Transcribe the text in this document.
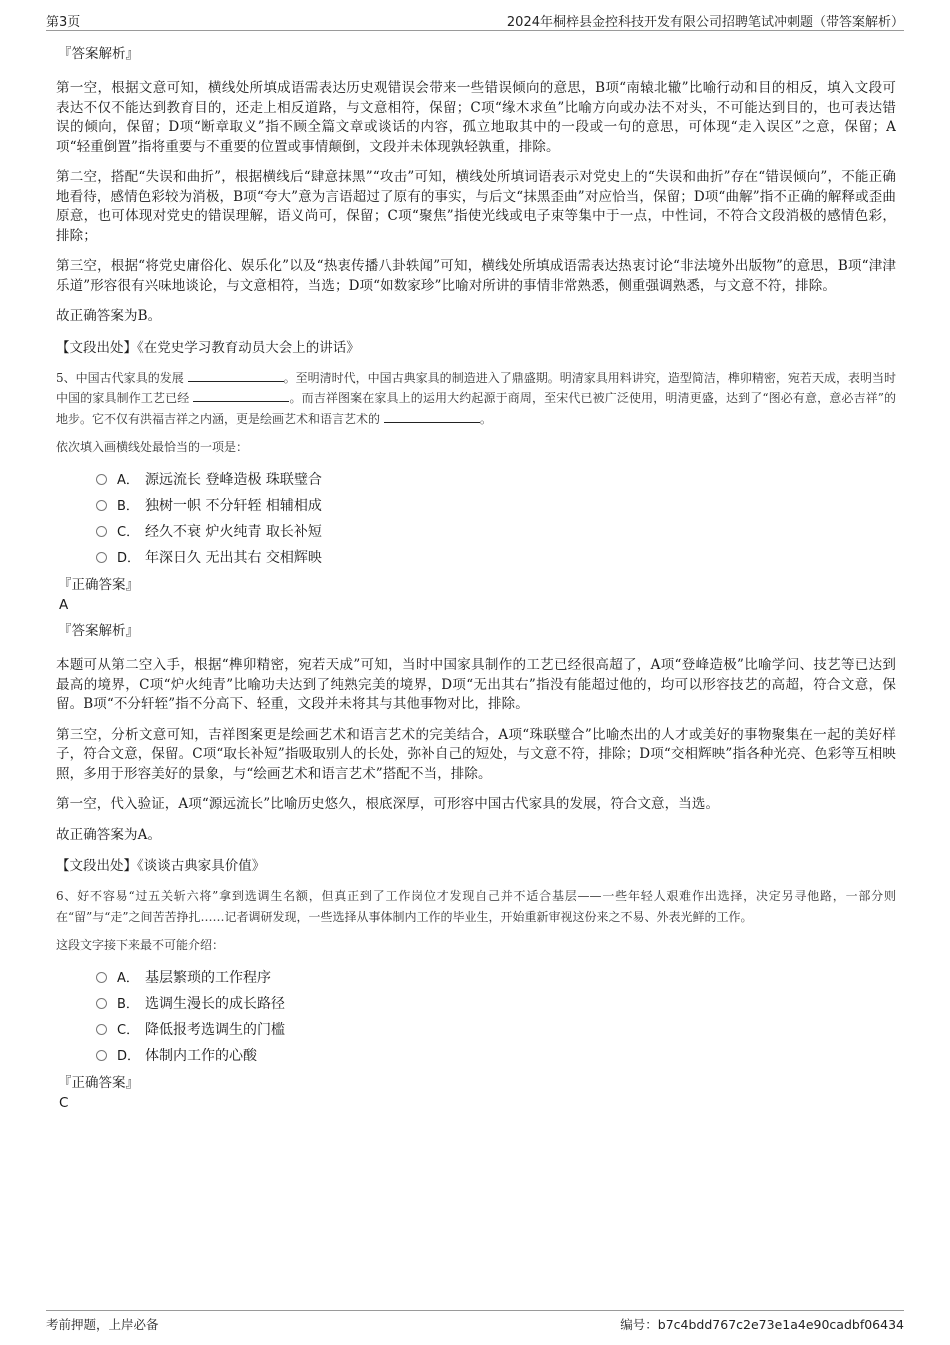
第3页	2024年桐梓县金控科技开发有限公司招聘笔试冲刺题（带答案解析）

『答案解析』

第一空，根据文意可知，横线处所填成语需表达历史观错误会带来一些错误倾向的意思，B项“南辕北辙”比喻行动和目的相反，填入文段可表达不仅不能达到教育目的，还走上相反道路，与文意相符，保留；C项“缘木求鱼”比喻方向或办法不对头，不可能达到目的，也可表达错误的倾向，保留；D项“断章取义”指不顾全篇文章或谈话的内容，孤立地取其中的一段或一句的意思，可体现“走入误区”之意，保留；A项“轻重倒置”指将重要与不重要的位置或事情颠倒，文段并未体现孰轻孰重，排除。

第二空，搭配“失误和曲折”，根据横线后“肆意抹黑”“攻击”可知，横线处所填词语表示对党史上的“失误和曲折”存在“错误倾向”，不能正确地看待，感情色彩较为消极，B项“夸大”意为言语超过了原有的事实，与后文“抹黑歪曲”对应恰当，保留；D项“曲解”指不正确的解释或歪曲原意，也可体现对党史的错误理解，语义尚可，保留；C项“聚焦”指使光线或电子束等集中于一点，中性词，不符合文段消极的感情色彩，排除；

第三空，根据“将党史庸俗化、娱乐化”以及“热衷传播八卦轶闻”可知，横线处所填成语需表达热衷讨论“非法境外出版物”的意思，B项“津津乐道”形容很有兴味地谈论，与文意相符，当选；D项“如数家珍”比喻对所讲的事情非常熟悉，侧重强调熟悉，与文意不符，排除。

故正确答案为B。

【文段出处】《在党史学习教育动员大会上的讲话》

5、中国古代家具的发展	。至明清时代，中国古典家具的制造进入了鼎盛期。明清家具用料讲究，造型简洁，榫卯精密，宛若天成，表明当时中国的家具制作工艺已经	。而吉祥图案在家具上的运用大约起源于商周，至宋代已被广泛使用，明清更盛，达到了“图必有意，意必吉祥”的地步。它不仅有洪福吉祥之内涵，更是绘画艺术和语言艺术的	。

依次填入画横线处最恰当的一项是：

A． 源远流长 登峰造极 珠联璧合
B． 独树一帜 不分轩轾 相辅相成
C． 经久不衰 炉火纯青 取长补短
D． 年深日久 无出其右 交相辉映

『正确答案』

A

『答案解析』

本题可从第二空入手，根据“榫卯精密，宛若天成”可知，当时中国家具制作的工艺已经很高超了，A项“登峰造极”比喻学问、技艺等已达到最高的境界，C项“炉火纯青”比喻功夫达到了纯熟完美的境界，D项“无出其右”指没有能超过他的，均可以形容技艺的高超，符合文意，保留。B项“不分轩轾”指不分高下、轻重，文段并未将其与其他事物对比，排除。

第三空，分析文意可知，吉祥图案更是绘画艺术和语言艺术的完美结合，A项“珠联璧合”比喻杰出的人才或美好的事物聚集在一起的美好样子，符合文意，保留。C项“取长补短”指吸取别人的长处，弥补自己的短处，与文意不符，排除；D项“交相辉映”指各种光亮、色彩等互相映照，多用于形容美好的景象，与“绘画艺术和语言艺术”搭配不当，排除。

第一空，代入验证，A项“源远流长”比喻历史悠久，根底深厚，可形容中国古代家具的发展，符合文意，当选。

故正确答案为A。

【文段出处】《谈谈古典家具价值》

6、好不容易“过五关斩六将”拿到选调生名额，但真正到了工作岗位才发现自己并不适合基层——一些年轻人艰难作出选择，决定另寻他路，一部分则在“留”与“走”之间苦苦挣扎……记者调研发现，一些选择从事体制内工作的毕业生，开始重新审视这份来之不易、外表光鲜的工作。

这段文字接下来最不可能介绍：

A． 基层繁琐的工作程序
B． 选调生漫长的成长路径
C． 降低报考选调生的门槛
D． 体制内工作的心酸

『正确答案』

C

考前押题，上岸必备	编号：b7c4bdd767c2e73e1a4e90cadbf06434
